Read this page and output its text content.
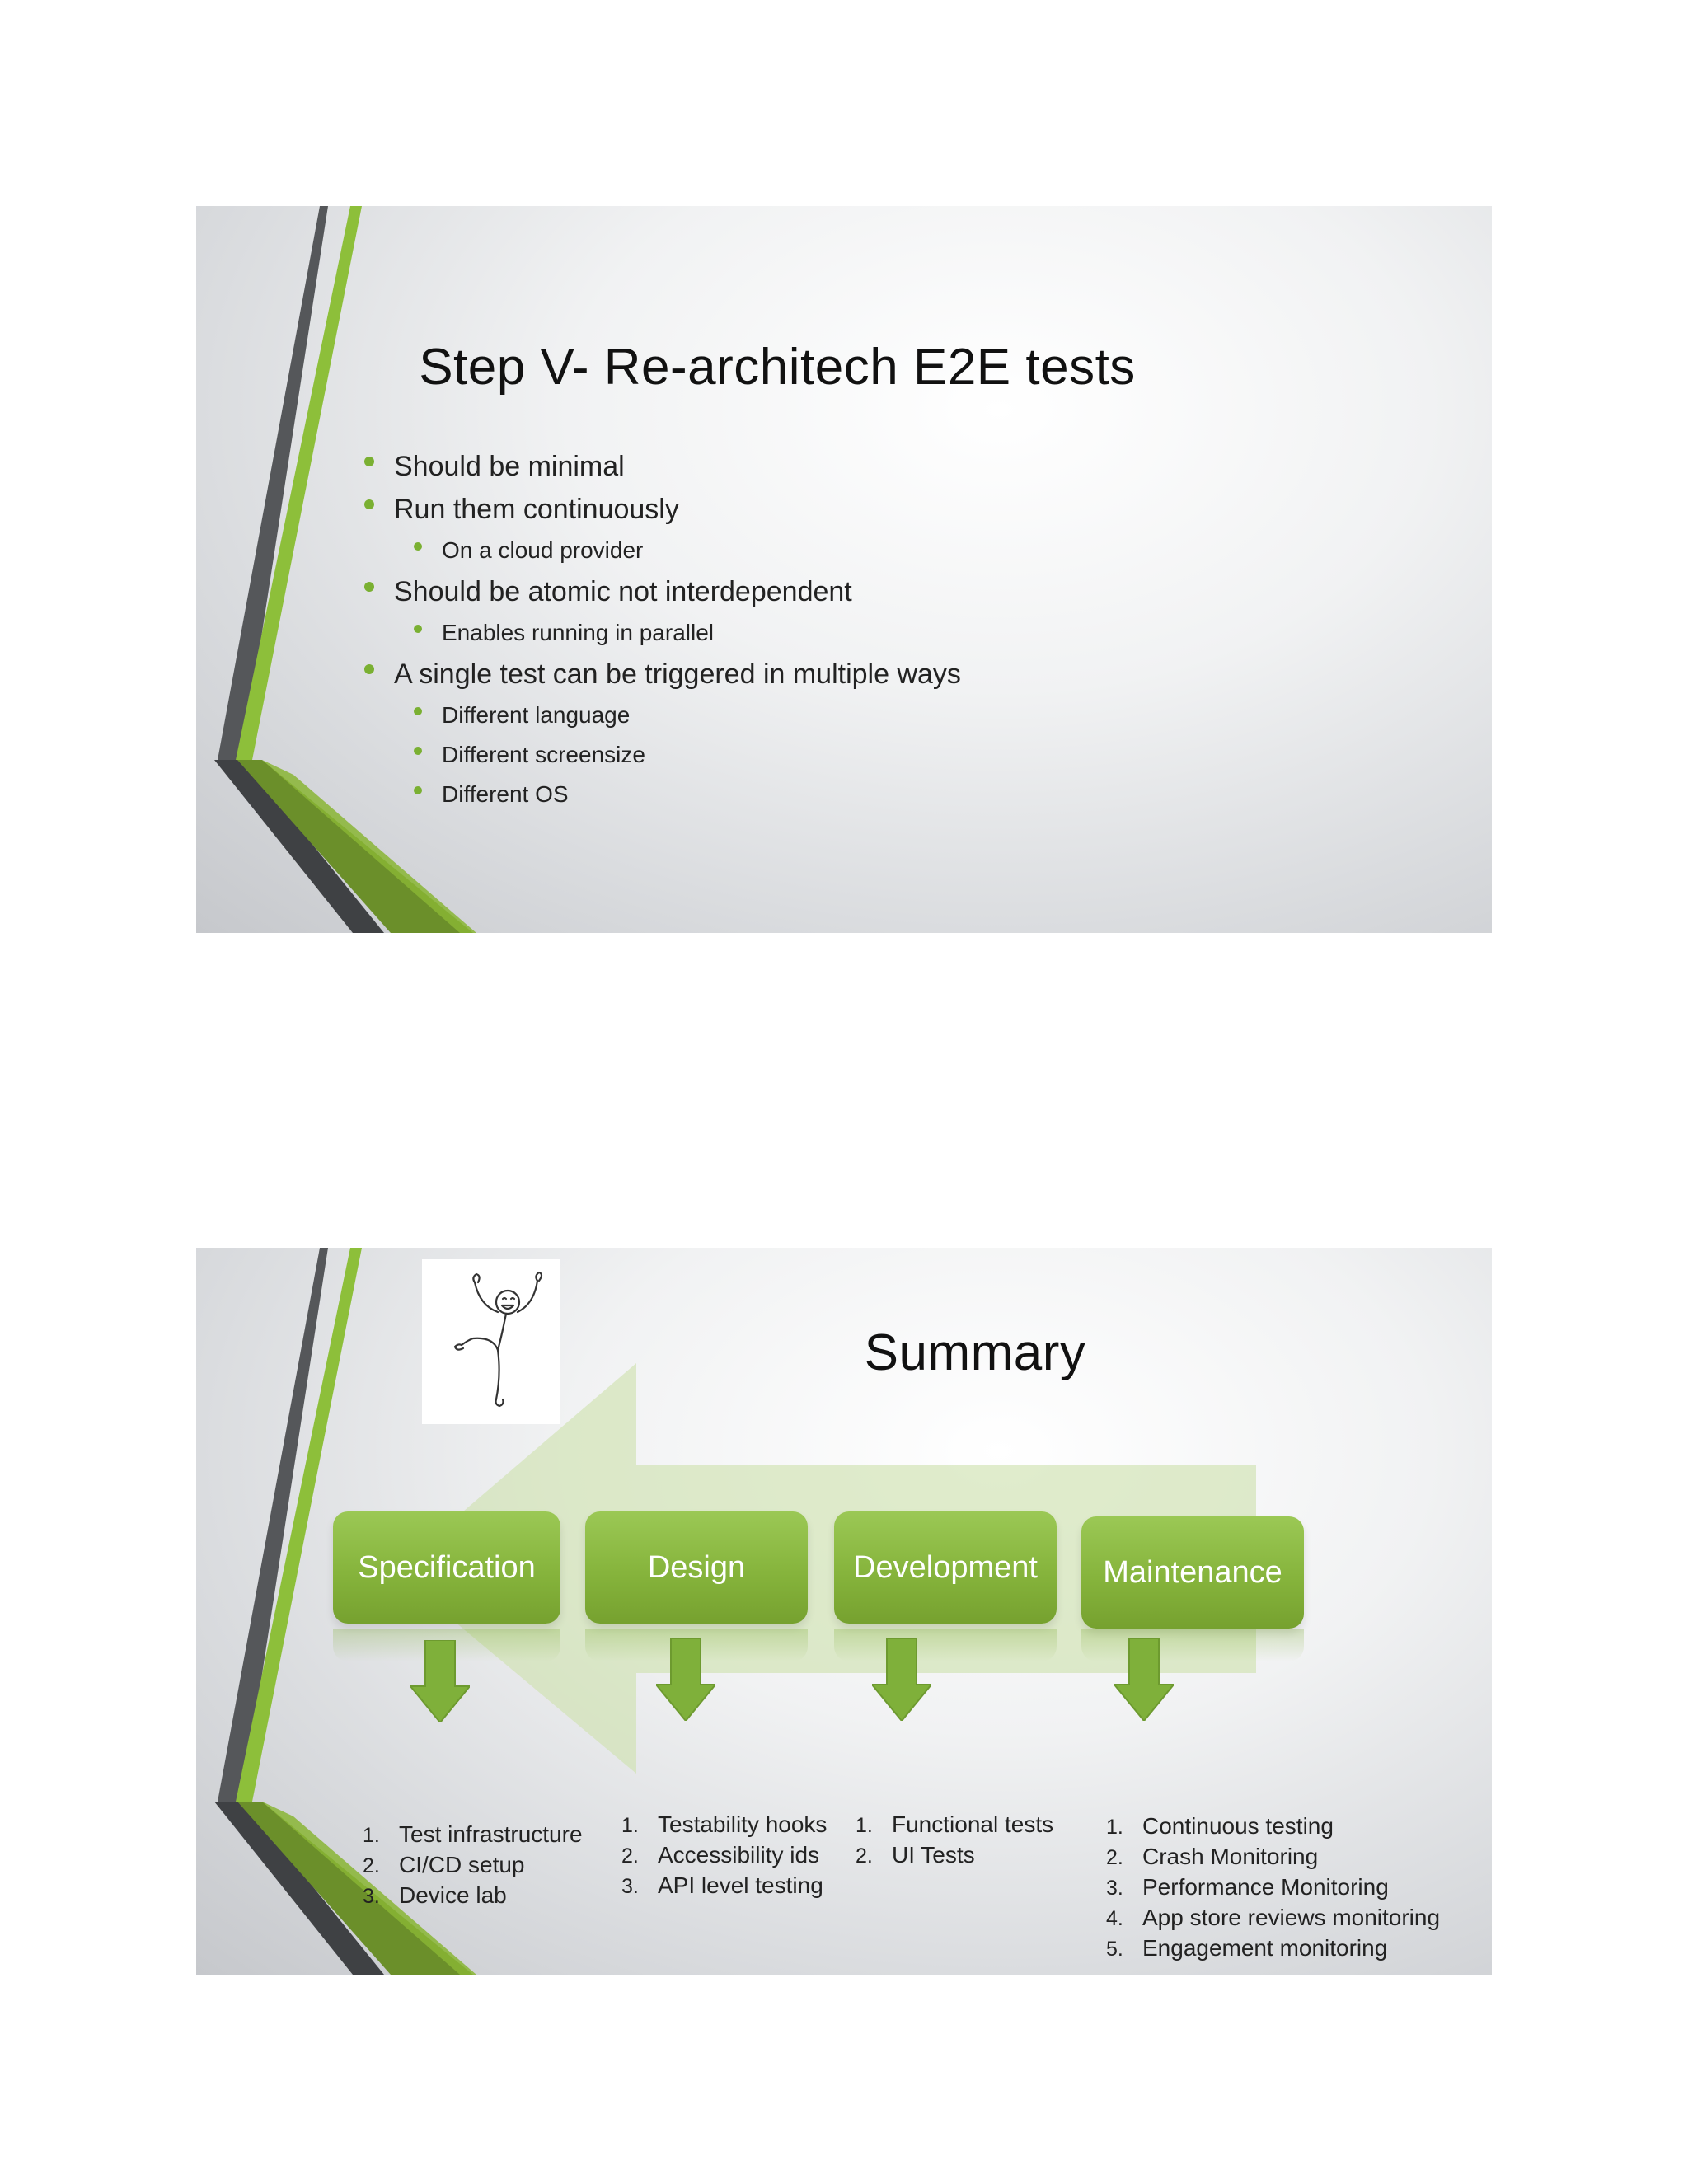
Step V- Re-architech E2E tests
Should be minimal
Run them continuously
On a cloud provider
Should be atomic not interdependent
Enables running in parallel
A single test can be triggered in multiple ways
Different language
Different screensize
Different OS
Summary
Specification	Design	Development	Maintenance
1. Test infrastructure
2. CI/CD setup
3. Device lab
1. Testability hooks
2. Accessibility ids
3. API level testing
1. Functional tests
2. UI Tests
1. Continuous testing
2. Crash Monitoring
3. Performance Monitoring
4. App store reviews monitoring
5. Engagement monitoring
